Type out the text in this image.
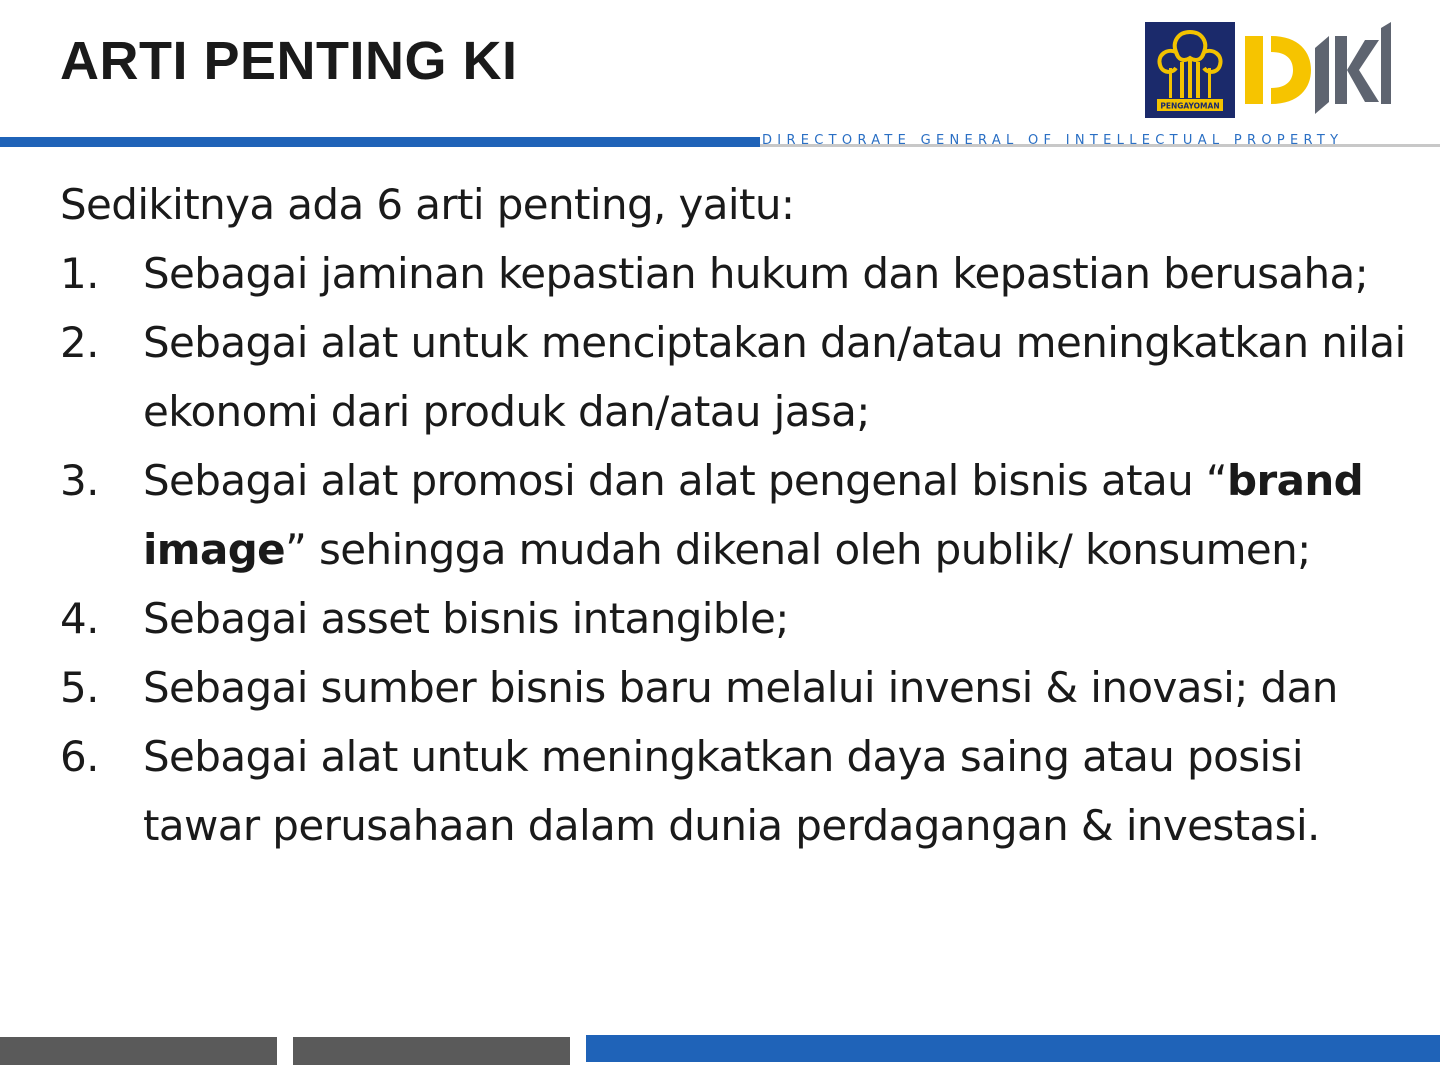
ARTI PENTING KI
PENGAYOMAN
DIRECTORATE GENERAL OF INTELLECTUAL PROPERTY
Sedikitnya ada 6 arti penting, yaitu:
1. Sebagai jaminan kepastian hukum dan kepastian berusaha;
2. Sebagai alat untuk menciptakan dan/atau meningkatkan nilai ekonomi dari produk dan/atau jasa;
3. Sebagai alat promosi dan alat pengenal bisnis atau “brand image” sehingga mudah dikenal oleh publik/ konsumen;
4. Sebagai asset bisnis intangible;
5. Sebagai sumber bisnis baru melalui invensi & inovasi; dan
6. Sebagai alat untuk meningkatkan daya saing atau posisi tawar perusahaan dalam dunia perdagangan & investasi.
